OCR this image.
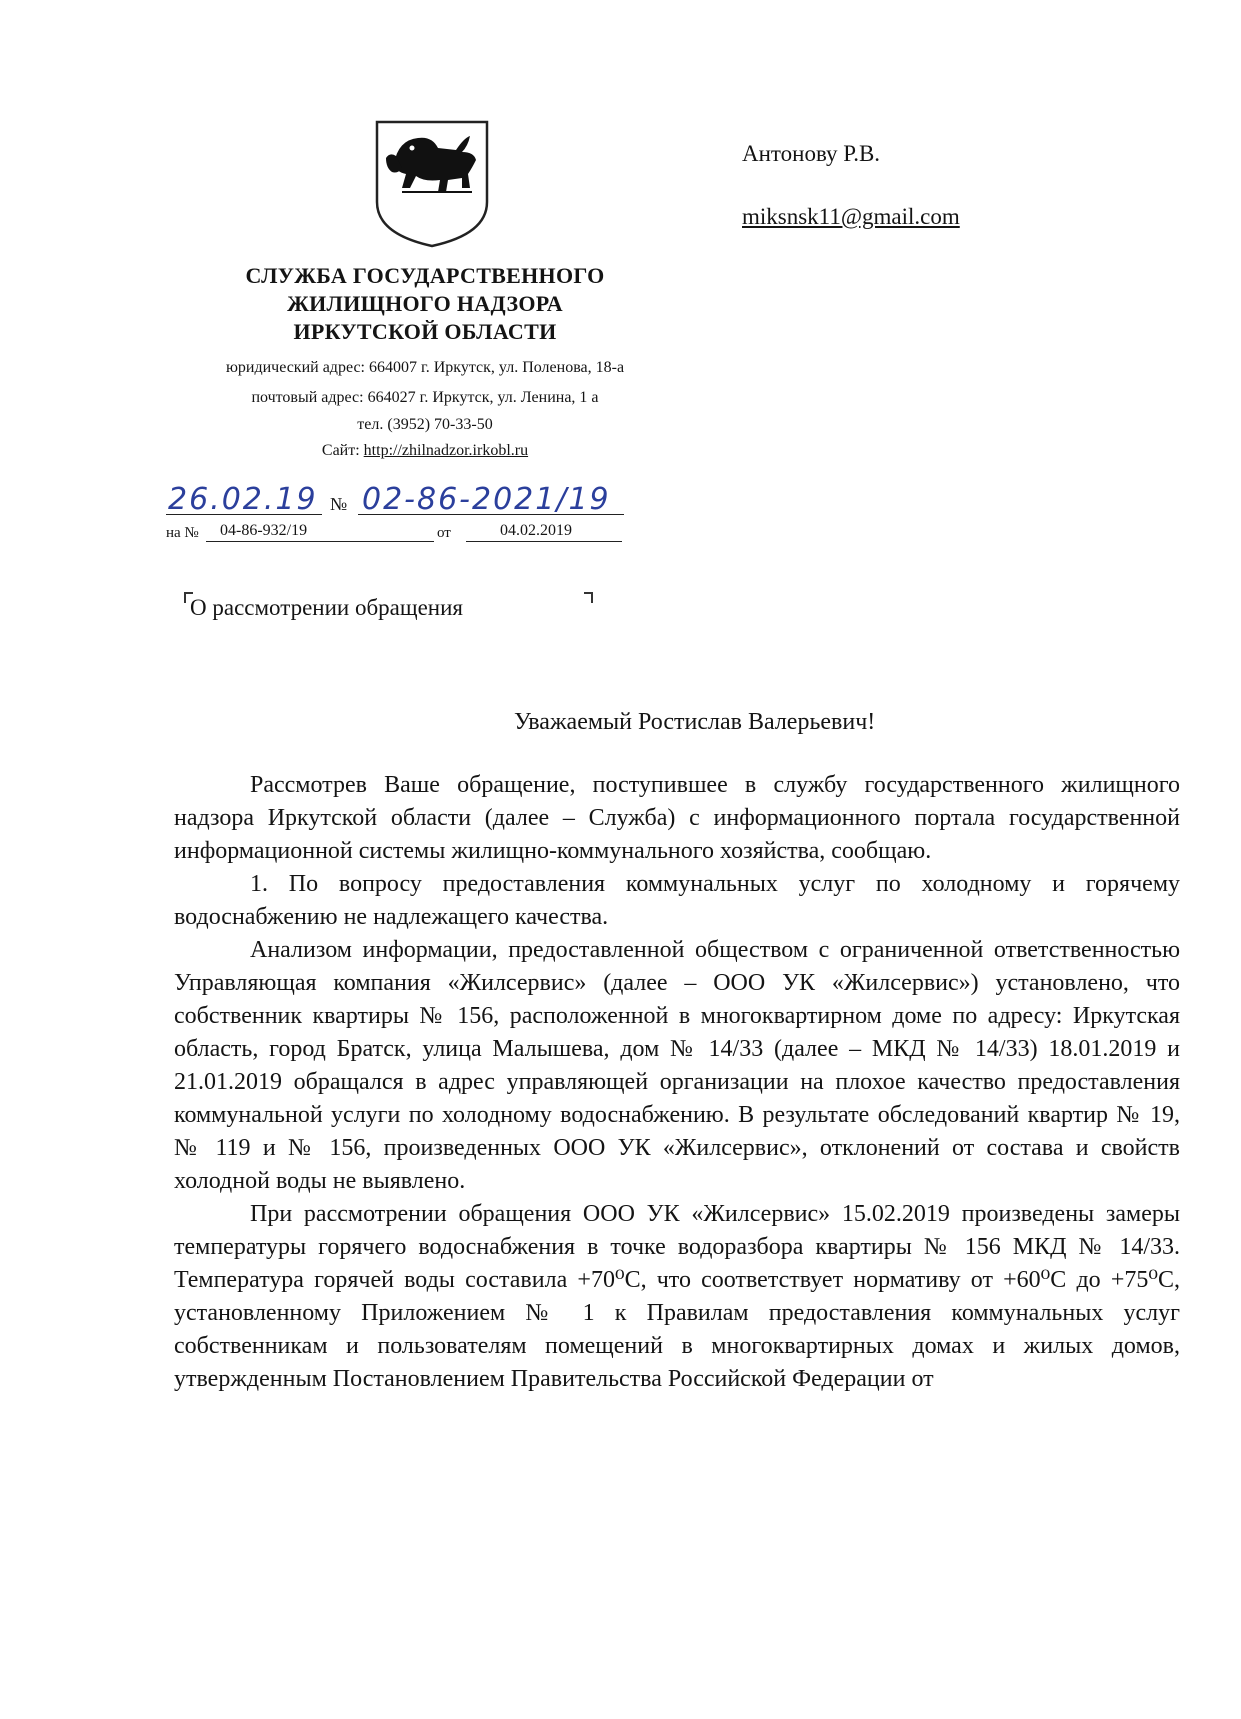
СЛУЖБА ГОСУДАРСТВЕННОГО
ЖИЛИЩНОГО НАДЗОРА
ИРКУТСКОЙ ОБЛАСТИ
юридический адрес: 664007 г. Иркутск, ул. Поленова, 18-а
почтовый адрес: 664027 г. Иркутск, ул. Ленина, 1 а
тел. (3952) 70-33-50
Сайт: http://zhilnadzor.irkobl.ru
Антонову Р.В.
miksnsk11@gmail.com
26.02.19 № 02-86-2021/19
на № 04-86-932/19	от	04.02.2019
О рассмотрении обращения
Уважаемый Ростислав Валерьевич!

Рассмотрев Ваше обращение, поступившее в службу государственного жилищного надзора Иркутской области (далее – Служба) с информационного портала государственной информационной системы жилищно-коммунального хозяйства, сообщаю.

1. По вопросу предоставления коммунальных услуг по холодному и горячему водоснабжению не надлежащего качества.

Анализом информации, предоставленной обществом с ограниченной ответственностью Управляющая компания «Жилсервис» (далее – ООО УК «Жилсервис») установлено, что собственник квартиры № 156, расположенной в многоквартирном доме по адресу: Иркутская область, город Братск, улица Малышева, дом № 14/33 (далее – МКД № 14/33) 18.01.2019 и 21.01.2019 обращался в адрес управляющей организации на плохое качество предоставления коммунальной услуги по холодному водоснабжению. В результате обследований квартир № 19, № 119 и № 156, произведенных ООО УК «Жилсервис», отклонений от состава и свойств холодной воды не выявлено.

При рассмотрении обращения ООО УК «Жилсервис» 15.02.2019 произведены замеры температуры горячего водоснабжения в точке водоразбора квартиры № 156 МКД № 14/33. Температура горячей воды составила +70⁰С, что соответствует нормативу от +60⁰С до +75⁰С, установленному Приложением № 1 к Правилам предоставления коммунальных услуг собственникам и пользователям помещений в многоквартирных домах и жилых домов, утвержденным Постановлением Правительства Российской Федерации от
